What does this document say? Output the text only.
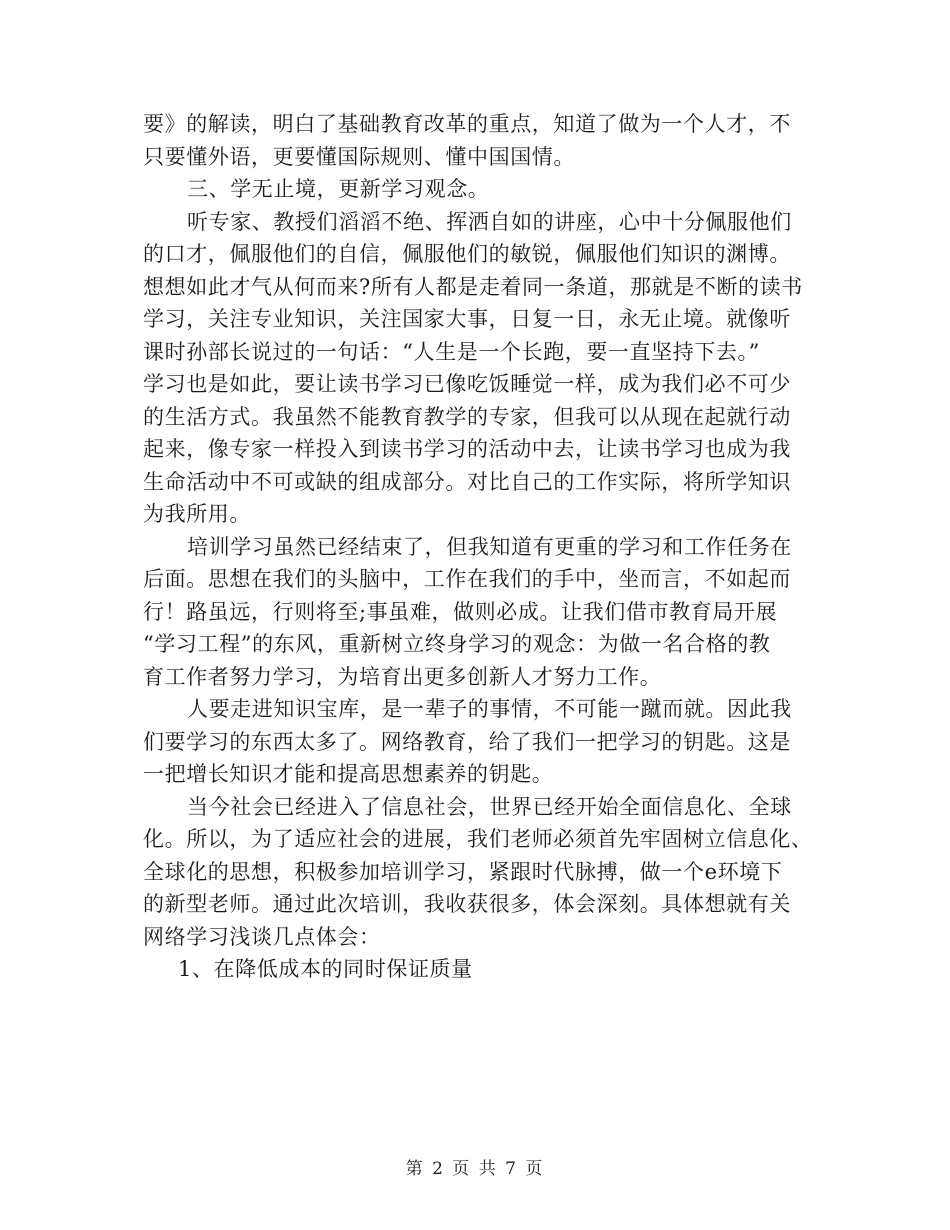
要》的解读，明白了基础教育改革的重点，知道了做为一个人才，不
只要懂外语，更要懂国际规则、懂中国国情。
三、学无止境，更新学习观念。
听专家、教授们滔滔不绝、挥洒自如的讲座，心中十分佩服他们
的口才，佩服他们的自信，佩服他们的敏锐，佩服他们知识的渊博。
想想如此才气从何而来?所有人都是走着同一条道，那就是不断的读书
学习，关注专业知识，关注国家大事，日复一日，永无止境。就像听
课时孙部长说过的一句话：“人生是一个长跑，要一直坚持下去。”
学习也是如此，要让读书学习已像吃饭睡觉一样，成为我们必不可少
的生活方式。我虽然不能教育教学的专家，但我可以从现在起就行动
起来，像专家一样投入到读书学习的活动中去，让读书学习也成为我
生命活动中不可或缺的组成部分。对比自己的工作实际，将所学知识
为我所用。
培训学习虽然已经结束了，但我知道有更重的学习和工作任务在
后面。思想在我们的头脑中，工作在我们的手中，坐而言，不如起而
行！路虽远，行则将至;事虽难，做则必成。让我们借市教育局开展
“学习工程”的东风，重新树立终身学习的观念：为做一名合格的教
育工作者努力学习，为培育出更多创新人才努力工作。
人要走进知识宝库，是一辈子的事情，不可能一蹴而就。因此我
们要学习的东西太多了。网络教育，给了我们一把学习的钥匙。这是
一把增长知识才能和提高思想素养的钥匙。
当今社会已经进入了信息社会，世界已经开始全面信息化、全球
化。所以，为了适应社会的进展，我们老师必须首先牢固树立信息化、
全球化的思想，积极参加培训学习，紧跟时代脉搏，做一个e环境下
的新型老师。通过此次培训，我收获很多，体会深刻。具体想就有关
网络学习浅谈几点体会：
1、在降低成本的同时保证质量
第 2 页 共 7 页
